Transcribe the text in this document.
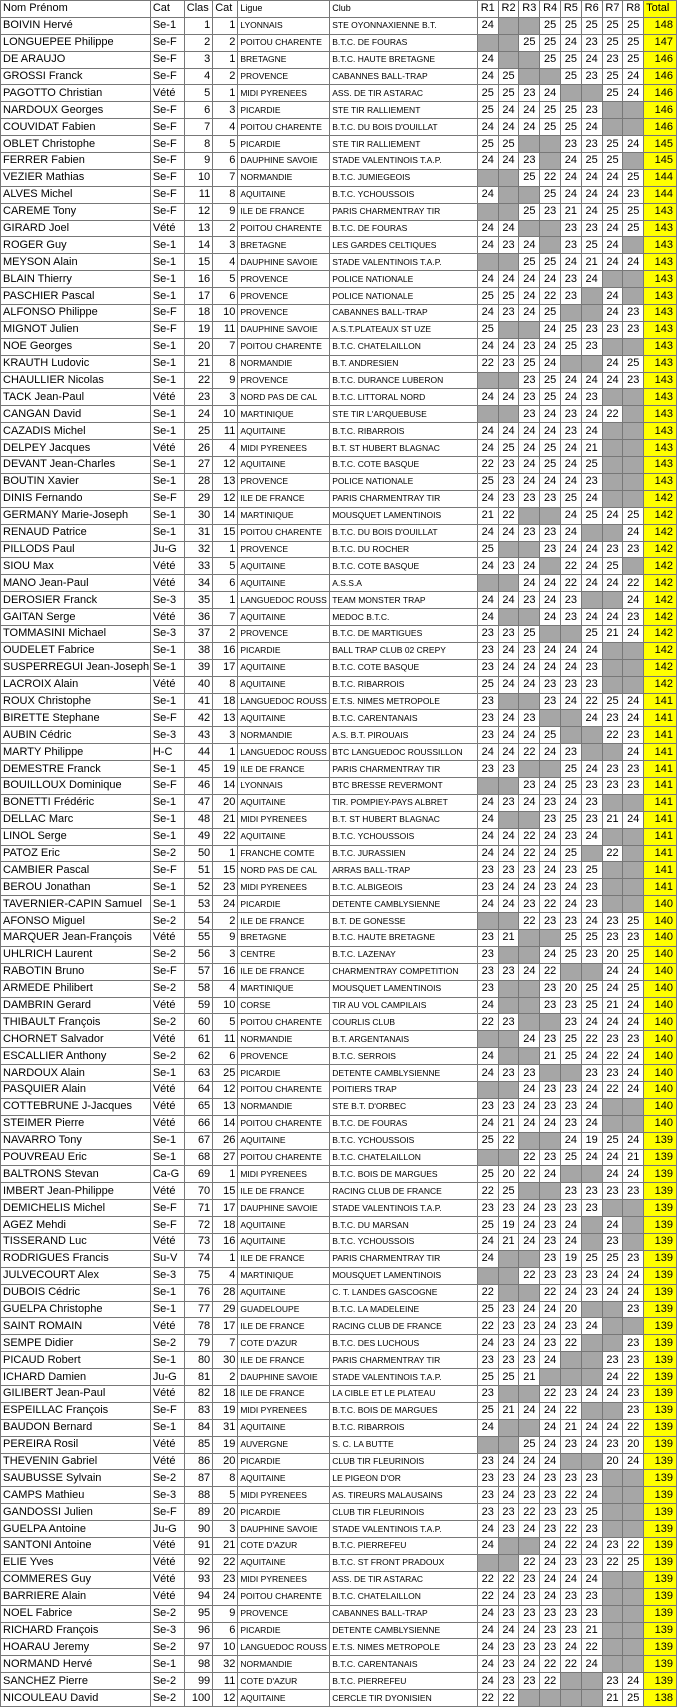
Nom Prénom	Cat	Clas	Cat	Ligue	Club	R1	R2	R3	R4	R5	R6	R7	R8	Total
BOIVIN Hervé	Se-1	1	1	LYONNAIS	STE OYONNAXIENNE B.T.	24			25	25	25	25	25	148
LONGUEPEE Philippe	Se-F	2	2	POITOU CHARENTE	B.T.C. DE FOURAS			25	25	24	23	25	25	147
DE ARAUJO	Se-F	3	1	BRETAGNE	B.T.C. HAUTE BRETAGNE	24			25	25	24	23	25	146
GROSSI Franck	Se-F	4	2	PROVENCE	CABANNES BALL-TRAP	24	25			25	23	25	24	146
PAGOTTO Christian	Vété	5	1	MIDI PYRENEES	ASS. DE TIR ASTARAC	25	25	23	24			25	24	146
NARDOUX Georges	Se-F	6	3	PICARDIE	STE TIR RALLIEMENT	25	24	24	25	25	23			146
COUVIDAT Fabien	Se-F	7	4	POITOU CHARENTE	B.T.C. DU BOIS D'OUILLAT	24	24	24	25	25	24			146
OBLET Christophe	Se-F	8	5	PICARDIE	STE TIR RALLIEMENT	25	25			23	23	25	24	145
FERRER Fabien	Se-F	9	6	DAUPHINE SAVOIE	STADE VALENTINOIS T.A.P.	24	24	23		24	25	25		145
VEZIER Mathias	Se-F	10	7	NORMANDIE	B.T.C. JUMIEGEOIS			25	22	24	24	24	25	144
ALVES Michel	Se-F	11	8	AQUITAINE	B.T.C. YCHOUSSOIS	24			25	24	24	24	23	144
CAREME Tony	Se-F	12	9	ILE DE FRANCE	PARIS CHARMENTRAY TIR			25	23	21	24	25	25	143
GIRARD Joel	Vété	13	2	POITOU CHARENTE	B.T.C. DE FOURAS	24	24			23	23	24	25	143
ROGER Guy	Se-1	14	3	BRETAGNE	LES GARDES CELTIQUES	24	23	24		23	25	24		143
MEYSON Alain	Se-1	15	4	DAUPHINE SAVOIE	STADE VALENTINOIS T.A.P.			25	25	24	21	24	24	143
BLAIN Thierry	Se-1	16	5	PROVENCE	POLICE NATIONALE	24	24	24	24	23	24			143
PASCHIER Pascal	Se-1	17	6	PROVENCE	POLICE NATIONALE	25	25	24	22	23		24		143
ALFONSO Philippe	Se-F	18	10	PROVENCE	CABANNES BALL-TRAP	24	23	24	25			24	23	143
MIGNOT Julien	Se-F	19	11	DAUPHINE SAVOIE	A.S.T.PLATEAUX ST UZE	25			24	25	23	23	23	143
NOE Georges	Se-1	20	7	POITOU CHARENTE	B.T.C. CHATELAILLON	24	24	23	24	25	23			143
KRAUTH Ludovic	Se-1	21	8	NORMANDIE	B.T. ANDRESIEN	22	23	25	24			24	25	143
CHAULLIER Nicolas	Se-1	22	9	PROVENCE	B.T.C. DURANCE LUBERON			23	25	24	24	24	23	143
TACK Jean-Paul	Vété	23	3	NORD PAS DE CAL	B.T.C. LITTORAL NORD	24	24	23	25	24	23			143
CANGAN David	Se-1	24	10	MARTINIQUE	STE TIR L'ARQUEBUSE			23	24	23	24	22		143
CAZADIS Michel	Se-1	25	11	AQUITAINE	B.T.C. RIBARROIS	24	24	24	24	23	24			143
DELPEY Jacques	Vété	26	4	MIDI PYRENEES	B.T. ST HUBERT BLAGNAC	24	25	24	25	24	21			143
DEVANT Jean-Charles	Se-1	27	12	AQUITAINE	B.T.C. COTE BASQUE	22	23	24	25	24	25			143
BOUTIN Xavier	Se-1	28	13	PROVENCE	POLICE NATIONALE	25	23	24	24	24	23			143
DINIS Fernando	Se-F	29	12	ILE DE FRANCE	PARIS CHARMENTRAY TIR	24	23	23	23	25	24			142
GERMANY Marie-Joseph	Se-1	30	14	MARTINIQUE	MOUSQUET LAMENTINOIS	21	22			24	25	24	25	142
RENAUD Patrice	Se-1	31	15	POITOU CHARENTE	B.T.C. DU BOIS D'OUILLAT	24	24	23	23	24			24	142
PILLODS Paul	Ju-G	32	1	PROVENCE	B.T.C. DU ROCHER	25			23	24	24	23	23	142
SIOU Max	Vété	33	5	AQUITAINE	B.T.C. COTE BASQUE	24	23	24		22	24	25		142
MANO Jean-Paul	Vété	34	6	AQUITAINE	A.S.S.A			24	24	22	24	24	22	142
DEROSIER Franck	Se-3	35	1	LANGUEDOC ROUSS	TEAM MONSTER TRAP	24	24	23	24	23			24	142
GAITAN Serge	Vété	36	7	AQUITAINE	MEDOC B.T.C.	24			24	23	24	24	23	142
TOMMASINI Michael	Se-3	37	2	PROVENCE	B.T.C. DE MARTIGUES	23	23	25			25	21	24	142
OUDELET Fabrice	Se-1	38	16	PICARDIE	BALL TRAP CLUB 02 CREPY	23	24	23	24	24	24			142
SUSPERREGUI Jean-Joseph	Se-1	39	17	AQUITAINE	B.T.C. COTE BASQUE	23	24	24	24	24	23			142
LACROIX Alain	Vété	40	8	AQUITAINE	B.T.C. RIBARROIS	25	24	24	23	23	23			142
ROUX Christophe	Se-1	41	18	LANGUEDOC ROUSS	E.T.S. NIMES METROPOLE	23			23	24	22	25	24	141
BIRETTE Stephane	Se-F	42	13	AQUITAINE	B.T.C. CARENTANAIS	23	24	23			24	23	24	141
AUBIN Cédric	Se-3	43	3	NORMANDIE	A.S. B.T. PIROUAIS	23	24	24	25			22	23	141
MARTY Philippe	H-C	44	1	LANGUEDOC ROUSS	BTC LANGUEDOC ROUSSILLON	24	24	22	24	23			24	141
DEMESTRE Franck	Se-1	45	19	ILE DE FRANCE	PARIS CHARMENTRAY TIR	23	23			25	24	23	23	141
BOUILLOUX Dominique	Se-F	46	14	LYONNAIS	BTC BRESSE REVERMONT			23	24	25	23	23	23	141
BONETTI Frédéric	Se-1	47	20	AQUITAINE	TIR. POMPIEY-PAYS ALBRET	24	23	24	23	24	23			141
DELLAC Marc	Se-1	48	21	MIDI PYRENEES	B.T. ST HUBERT BLAGNAC	24			23	25	23	21	24	141
LINOL Serge	Se-1	49	22	AQUITAINE	B.T.C. YCHOUSSOIS	24	24	22	24	23	24			141
PATOZ Eric	Se-2	50	1	FRANCHE COMTE	B.T.C. JURASSIEN	24	24	22	24	25		22		141
CAMBIER Pascal	Se-F	51	15	NORD PAS DE CAL	ARRAS BALL-TRAP	23	23	23	24	23	25			141
BEROU Jonathan	Se-1	52	23	MIDI PYRENEES	B.T.C. ALBIGEOIS	23	24	24	23	24	23			141
TAVERNIER-CAPIN Samuel	Se-1	53	24	PICARDIE	DETENTE CAMBLYSIENNE	24	24	23	22	24	23			140
AFONSO Miguel	Se-2	54	2	ILE DE FRANCE	B.T. DE GONESSE			22	23	23	24	23	25	140
MARQUER Jean-François	Vété	55	9	BRETAGNE	B.T.C. HAUTE BRETAGNE	23	21			25	25	23	23	140
UHLRICH Laurent	Se-2	56	3	CENTRE	B.T.C. LAZENAY	23			24	25	23	20	25	140
RABOTIN Bruno	Se-F	57	16	ILE DE FRANCE	CHARMENTRAY COMPETITION	23	23	24	22			24	24	140
ARMEDE Philibert	Se-2	58	4	MARTINIQUE	MOUSQUET LAMENTINOIS	23			23	20	25	24	25	140
DAMBRIN Gerard	Vété	59	10	CORSE	TIR AU VOL CAMPILAIS	24			23	23	25	21	24	140
THIBAULT François	Se-2	60	5	POITOU CHARENTE	COURLIS CLUB	22	23			23	24	24	24	140
CHORNET Salvador	Vété	61	11	NORMANDIE	B.T. ARGENTANAIS			24	23	25	22	23	23	140
ESCALLIER Anthony	Se-2	62	6	PROVENCE	B.T.C. SERROIS	24			21	25	24	22	24	140
NARDOUX Alain	Se-1	63	25	PICARDIE	DETENTE CAMBLYSIENNE	24	23	23			23	23	24	140
PASQUIER Alain	Vété	64	12	POITOU CHARENTE	POITIERS TRAP			24	23	23	24	22	24	140
COTTEBRUNE J-Jacques	Vété	65	13	NORMANDIE	STE B.T. D'ORBEC	23	23	24	23	23	24			140
STEIMER Pierre	Vété	66	14	POITOU CHARENTE	B.T.C. DE FOURAS	24	21	24	24	23	24			140
NAVARRO Tony	Se-1	67	26	AQUITAINE	B.T.C. YCHOUSSOIS	25	22			24	19	25	24	139
POUVREAU Eric	Se-1	68	27	POITOU CHARENTE	B.T.C. CHATELAILLON			22	23	25	24	24	21	139
BALTRONS Stevan	Ca-G	69	1	MIDI PYRENEES	B.T.C. BOIS DE MARGUES	25	20	22	24			24	24	139
IMBERT Jean-Philippe	Vété	70	15	ILE DE FRANCE	RACING CLUB DE FRANCE	22	25			23	23	23	23	139
DEMICHELIS Michel	Se-F	71	17	DAUPHINE SAVOIE	STADE VALENTINOIS T.A.P.	23	23	24	23	23	23			139
AGEZ Mehdi	Se-F	72	18	AQUITAINE	B.T.C. DU MARSAN	25	19	24	23	24		24		139
TISSERAND Luc	Vété	73	16	AQUITAINE	B.T.C. YCHOUSSOIS	24	21	24	23	24		23		139
RODRIGUES Francis	Su-V	74	1	ILE DE FRANCE	PARIS CHARMENTRAY TIR	24			23	19	25	25	23	139
JULVECOURT Alex	Se-3	75	4	MARTINIQUE	MOUSQUET LAMENTINOIS			22	23	23	23	24	24	139
DUBOIS Cédric	Se-1	76	28	AQUITAINE	C. T. LANDES GASCOGNE	22			22	24	23	24	24	139
GUELPA Christophe	Se-1	77	29	GUADELOUPE	B.T.C. LA MADELEINE	25	23	24	24	20			23	139
SAINT ROMAIN	Vété	78	17	ILE DE FRANCE	RACING CLUB DE FRANCE	22	23	23	24	23	24			139
SEMPE Didier	Se-2	79	7	COTE D'AZUR	B.T.C. DES LUCHOUS	24	23	24	23	22			23	139
PICAUD Robert	Se-1	80	30	ILE DE FRANCE	PARIS CHARMENTRAY TIR	23	23	23	24			23	23	139
ICHARD Damien	Ju-G	81	2	DAUPHINE SAVOIE	STADE VALENTINOIS T.A.P.	25	25	21				24	22	139
GILIBERT Jean-Paul	Vété	82	18	ILE DE FRANCE	LA CIBLE ET LE PLATEAU	23			22	23	24	24	23	139
ESPEILLAC François	Se-F	83	19	MIDI PYRENEES	B.T.C. BOIS DE MARGUES	25	21	24	24	22			23	139
BAUDON Bernard	Se-1	84	31	AQUITAINE	B.T.C. RIBARROIS	24			24	21	24	24	22	139
PEREIRA Rosil	Vété	85	19	AUVERGNE	S. C. LA BUTTE			25	24	23	24	23	20	139
THEVENIN Gabriel	Vété	86	20	PICARDIE	CLUB TIR FLEURINOIS	23	24	24	24			20	24	139
SAUBUSSE Sylvain	Se-2	87	8	AQUITAINE	LE PIGEON D'OR	23	23	24	23	23	23			139
CAMPS Mathieu	Se-3	88	5	MIDI PYRENEES	AS. TIREURS MALAUSAINS	23	24	23	23	22	24			139
GANDOSSI Julien	Se-F	89	20	PICARDIE	CLUB TIR FLEURINOIS	23	23	22	23	23	25			139
GUELPA Antoine	Ju-G	90	3	DAUPHINE SAVOIE	STADE VALENTINOIS T.A.P.	24	23	24	23	22	23			139
SANTONI Antoine	Vété	91	21	COTE D'AZUR	B.T.C. PIERREFEU	24			24	22	24	23	22	139
ELIE Yves	Vété	92	22	AQUITAINE	B.T.C. ST FRONT PRADOUX			22	24	23	23	22	25	139
COMMERES Guy	Vété	93	23	MIDI PYRENEES	ASS. DE TIR ASTARAC	22	22	23	24	24	24			139
BARRIERE Alain	Vété	94	24	POITOU CHARENTE	B.T.C. CHATELAILLON	22	24	23	24	23	23			139
NOEL Fabrice	Se-2	95	9	PROVENCE	CABANNES BALL-TRAP	24	23	23	23	23	23			139
RICHARD François	Se-3	96	6	PICARDIE	DETENTE CAMBLYSIENNE	24	24	24	23	23	21			139
HOARAU Jeremy	Se-2	97	10	LANGUEDOC ROUSS	E.T.S. NIMES METROPOLE	24	23	23	23	24	22			139
NORMAND Hervé	Se-1	98	32	NORMANDIE	B.T.C. CARENTANAIS	24	23	24	22	22	24			139
SANCHEZ Pierre	Se-2	99	11	COTE D'AZUR	B.T.C. PIERREFEU	24	23	23	22			23	24	139
NICOULEAU David	Se-2	100	12	AQUITAINE	CERCLE TIR DYONISIEN	22	22					21	25	138
